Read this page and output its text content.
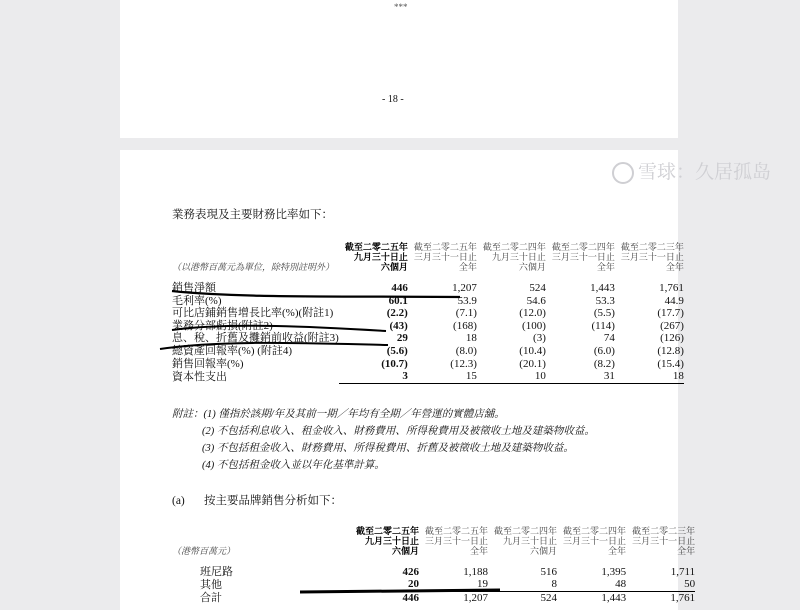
***
- 18 -
業務表現及主要財務比率如下：
	截至二零二五年	截至二零二五年	截至二零二四年	截至二零二四年	截至二零二三年
	九月三十日止	三月三十一日止	九月三十日止	三月三十一日止	三月三十一日止
（以港幣百萬元為單位，除特別註明外）	六個月	全年	六個月	全年	全年

銷售淨額	446	1,207	524	1,443	1,761
毛利率(%)	60.1	53.9	54.6	53.3	44.9
可比店鋪銷售增長比率(%)(附註1)	(2.2)	(7.1)	(12.0)	(5.5)	(17.7)
業務分部虧損(附註2)	(43)	(168)	(100)	(114)	(267)
息、稅、折舊及攤銷前收益(附註3)	29	18	(3)	74	(126)
總資產回報率(%) (附註4)	(5.6)	(8.0)	(10.4)	(6.0)	(12.8)
銷售回報率(%)	(10.7)	(12.3)	(20.1)	(8.2)	(15.4)
資本性支出	3	15	10	31	18
附註：(1) 僅指於該期/年及其前一期／年均有全期／年營運的實體店舖。
(2) 不包括利息收入、租金收入、財務費用、所得稅費用及被徵收土地及建築物收益。
(3) 不包括租金收入、財務費用、所得稅費用、折舊及被徵收土地及建築物收益。
(4) 不包括租金收入並以年化基準計算。
(a) 按主要品牌銷售分析如下：
	截至二零二五年	截至二零二五年	截至二零二四年	截至二零二四年	截至二零二三年
	九月三十日止	三月三十一日止	九月三十日止	三月三十一日止	三月三十一日止
（港幣百萬元）	六個月	全年	六個月	全年	全年

班尼路	426	1,188	516	1,395	1,711
其他	20	19	8	48	50
合計	446	1,207	524	1,443	1,761
雪球：久居孤岛
